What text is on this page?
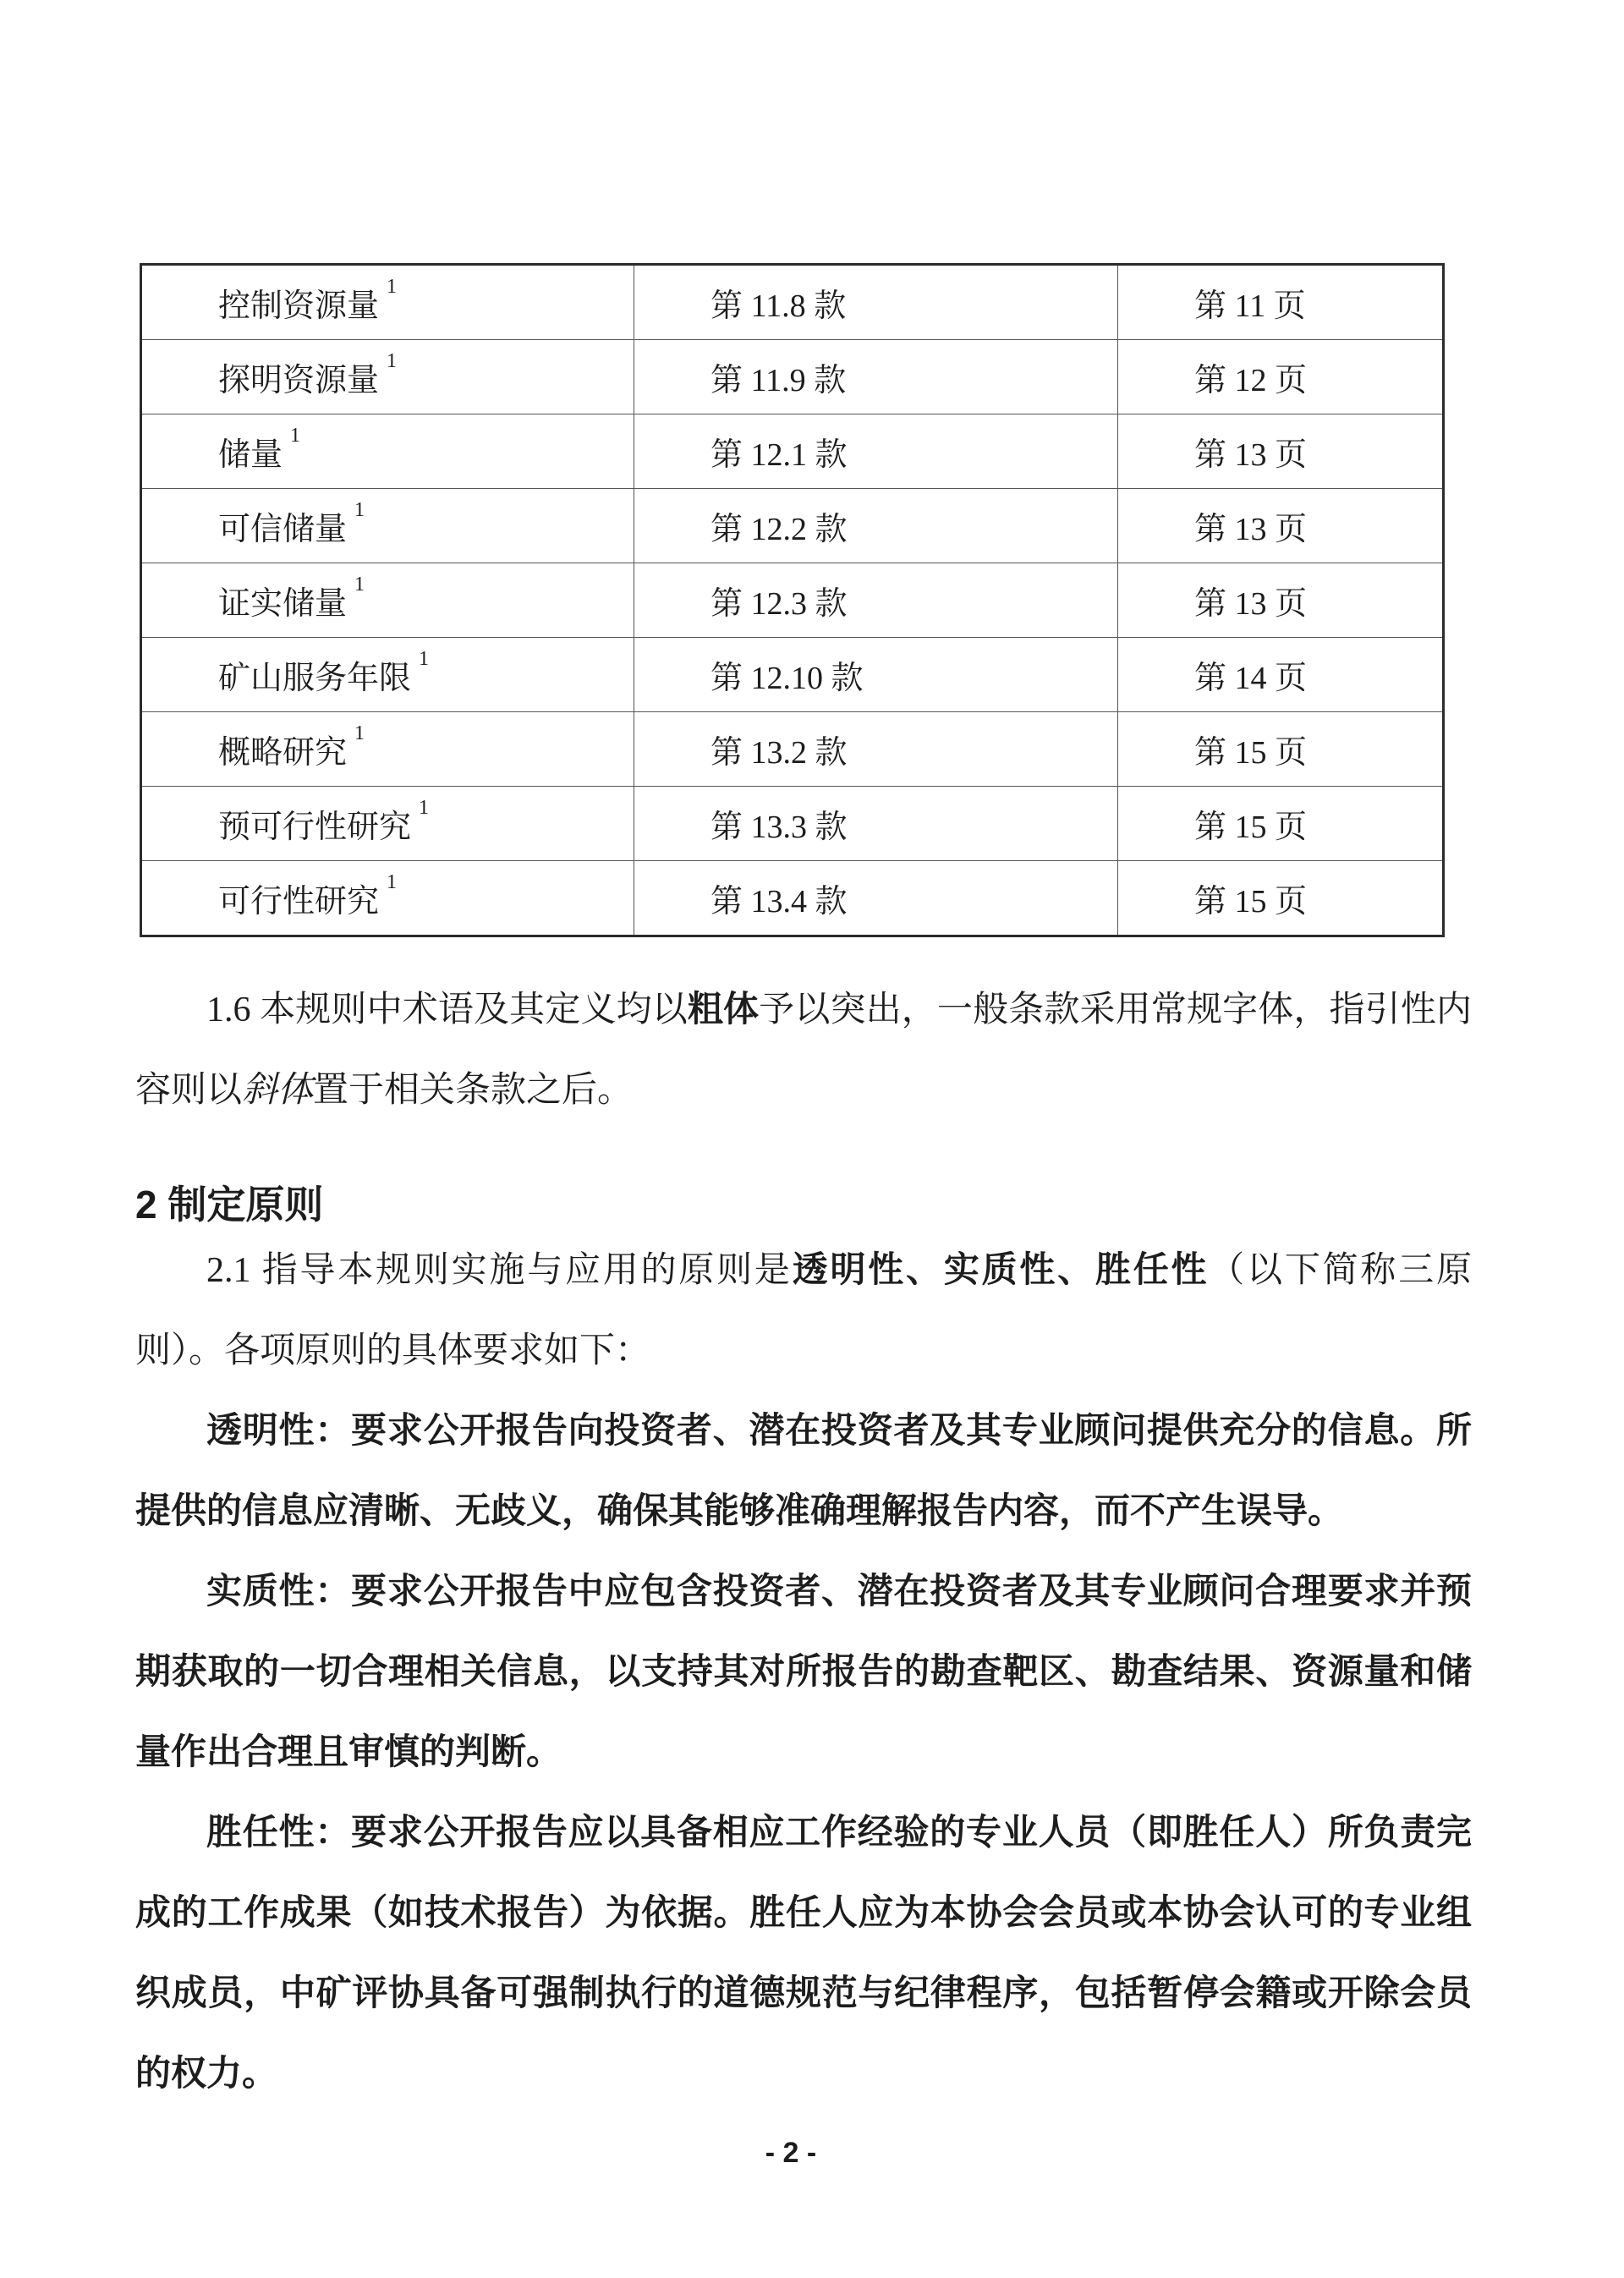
控制资源量$^1$	第 11.8 款	第 11 页
探明资源量$^1$	第 11.9 款	第 12 页
储量$^1$	第 12.1 款	第 13 页
可信储量$^1$	第 12.2 款	第 13 页
证实储量$^1$	第 12.3 款	第 13 页
矿山服务年限$^1$	第 12.10 款	第 14 页
概略研究$^1$	第 13.2 款	第 15 页
预可行性研究$^1$	第 13.3 款	第 15 页
可行性研究$^1$	第 13.4 款	第 15 页

1.6 本规则中术语及其定义均以粗体予以突出，一般条款采用常规字体，指引性内容则以斜体置于相关条款之后。

2 制定原则

2.1 指导本规则实施与应用的原则是透明性、实质性、胜任性（以下简称三原则）。各项原则的具体要求如下：

透明性：要求公开报告向投资者、潜在投资者及其专业顾问提供充分的信息。所提供的信息应清晰、无歧义，确保其能够准确理解报告内容，而不产生误导。

实质性：要求公开报告中应包含投资者、潜在投资者及其专业顾问合理要求并预期获取的一切合理相关信息，以支持其对所报告的勘查靶区、勘查结果、资源量和储量作出合理且审慎的判断。

胜任性：要求公开报告应以具备相应工作经验的专业人员（即胜任人）所负责完成的工作成果（如技术报告）为依据。胜任人应为本协会会员或本协会认可的专业组织成员，中矿评协具备可强制执行的道德规范与纪律程序，包括暂停会籍或开除会员的权力。

- 2 -
